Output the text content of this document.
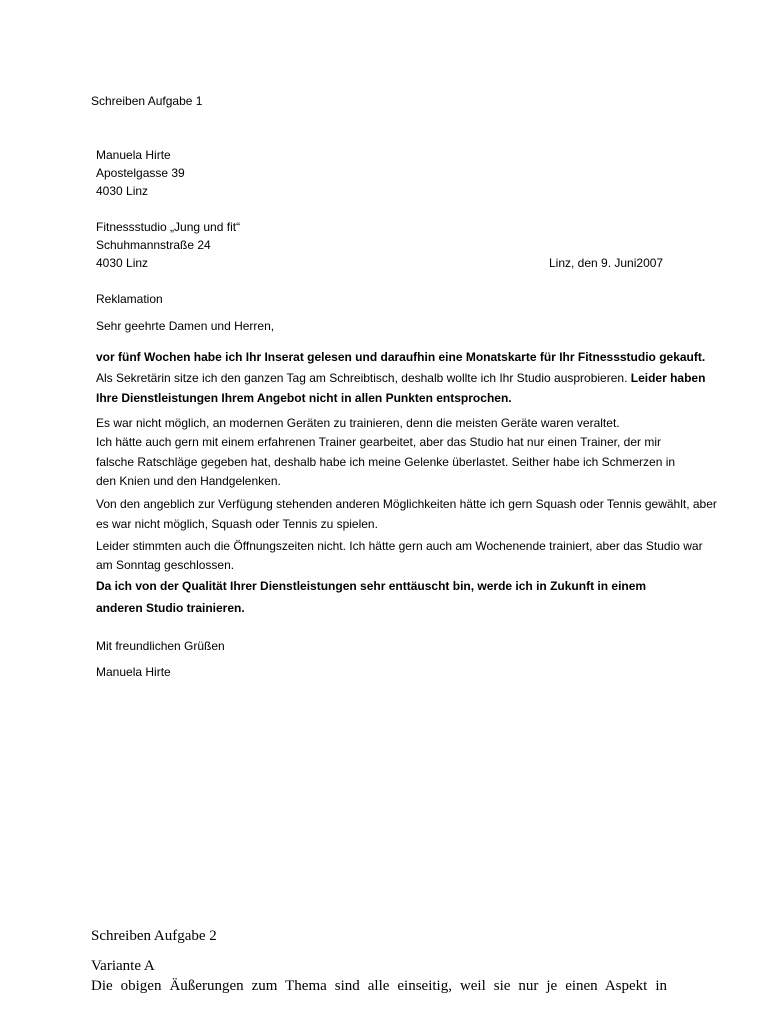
Schreiben Aufgabe 1
Manuela Hirte
Apostelgasse 39
4030 Linz
Fitnessstudio „Jung und fit“
Schuhmannstraße 24
4030 Linz	Linz, den 9. Juni2007
Reklamation
Sehr geehrte Damen und Herren,
vor fünf Wochen habe ich Ihr Inserat gelesen und daraufhin eine Monatskarte für Ihr Fitnessstudio gekauft.
Als Sekretärin sitze ich den ganzen Tag am Schreibtisch, deshalb wollte ich Ihr Studio ausprobieren. Leider haben
Ihre Dienstleistungen Ihrem Angebot nicht in allen Punkten entsprochen.
Es war nicht möglich, an modernen Geräten zu trainieren, denn die meisten Geräte waren veraltet.
Ich hätte auch gern mit einem erfahrenen Trainer gearbeitet, aber das Studio hat nur einen Trainer, der mir
falsche Ratschläge gegeben hat, deshalb habe ich meine Gelenke überlastet. Seither habe ich Schmerzen in
den Knien und den Handgelenken.
Von den angeblich zur Verfügung stehenden anderen Möglichkeiten hätte ich gern Squash oder Tennis gewählt, aber
es war nicht möglich, Squash oder Tennis zu spielen.
Leider stimmten auch die Öffnungszeiten nicht. Ich hätte gern auch am Wochenende trainiert, aber das Studio war
am Sonntag geschlossen.
Da ich von der Qualität Ihrer Dienstleistungen sehr enttäuscht bin, werde ich in Zukunft in einem
anderen Studio trainieren.
Mit freundlichen Grüßen
Manuela Hirte
Schreiben Aufgabe 2
Variante A
Die obigen Äußerungen zum Thema sind alle einseitig, weil sie nur je einen Aspekt in
